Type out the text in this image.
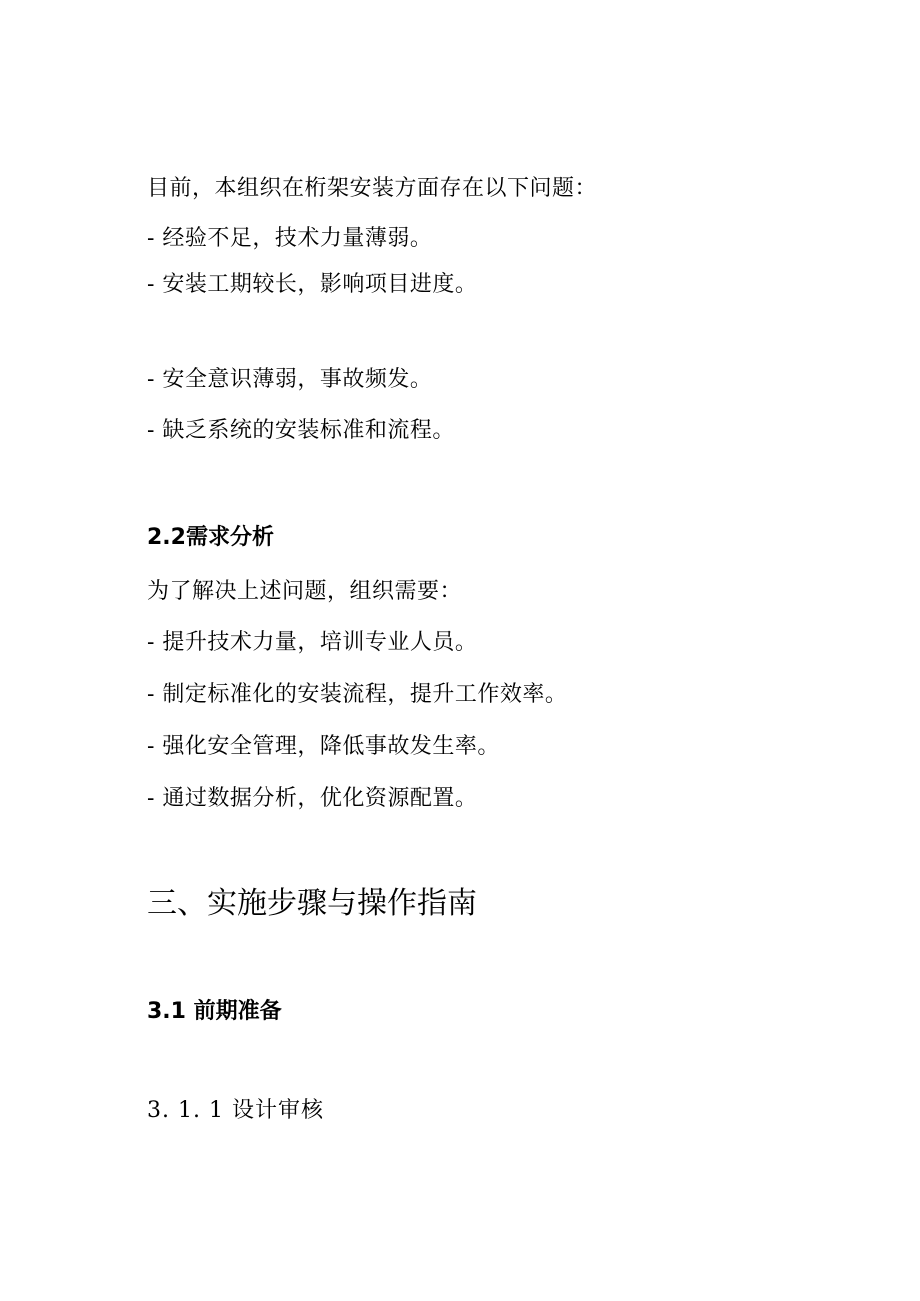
目前，本组织在桁架安装方面存在以下问题：
- 经验不足，技术力量薄弱。
- 安装工期较长，影响项目进度。
- 安全意识薄弱，事故频发。
- 缺乏系统的安装标准和流程。
2.2需求分析
为了解决上述问题，组织需要：
- 提升技术力量，培训专业人员。
- 制定标准化的安装流程，提升工作效率。
- 强化安全管理，降低事故发生率。
- 通过数据分析，优化资源配置。
三、实施步骤与操作指南
3.1 前期准备
3. 1. 1 设计审核
